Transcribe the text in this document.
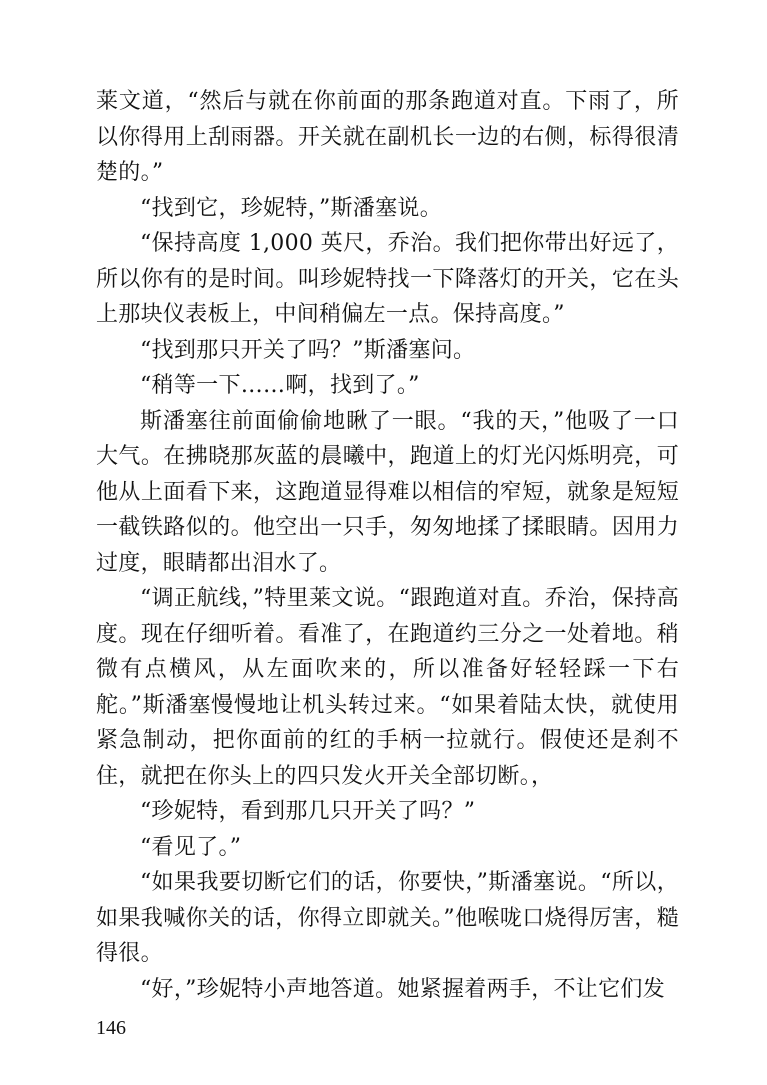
莱文道，“然后与就在你前面的那条跑道对直。下雨了，所以你得用上刮雨器。开关就在副机长一边的右侧，标得很清楚的。”

“找到它，珍妮特，”斯潘塞说。

“保持高度 1,000 英尺，乔治。我们把你带出好远了，所以你有的是时间。叫珍妮特找一下降落灯的开关，它在头上那块仪表板上，中间稍偏左一点。保持高度。”

“找到那只开关了吗？”斯潘塞问。

“稍等一下……啊，找到了。”

斯潘塞往前面偷偷地瞅了一眼。“我的天，”他吸了一口大气。在拂晓那灰蓝的晨曦中，跑道上的灯光闪烁明亮，可他从上面看下来，这跑道显得难以相信的窄短，就象是短短一截铁路似的。他空出一只手，匆匆地揉了揉眼睛。因用力过度，眼睛都出泪水了。

“调正航线，”特里莱文说。“跟跑道对直。乔治，保持高度。现在仔细听着。看准了，在跑道约三分之一处着地。稍微有点横风，从左面吹来的，所以准备好轻轻踩一下右舵。”斯潘塞慢慢地让机头转过来。“如果着陆太快，就使用紧急制动，把你面前的红的手柄一拉就行。假使还是刹不住，就把在你头上的四只发火开关全部切断。，

“珍妮特，看到那几只开关了吗？”

“看见了。”

“如果我要切断它们的话，你要快，”斯潘塞说。“所以，如果我喊你关的话，你得立即就关。”他喉咙口烧得厉害，糙得很。

“好，”珍妮特小声地答道。她紧握着两手，不让它们发

146
